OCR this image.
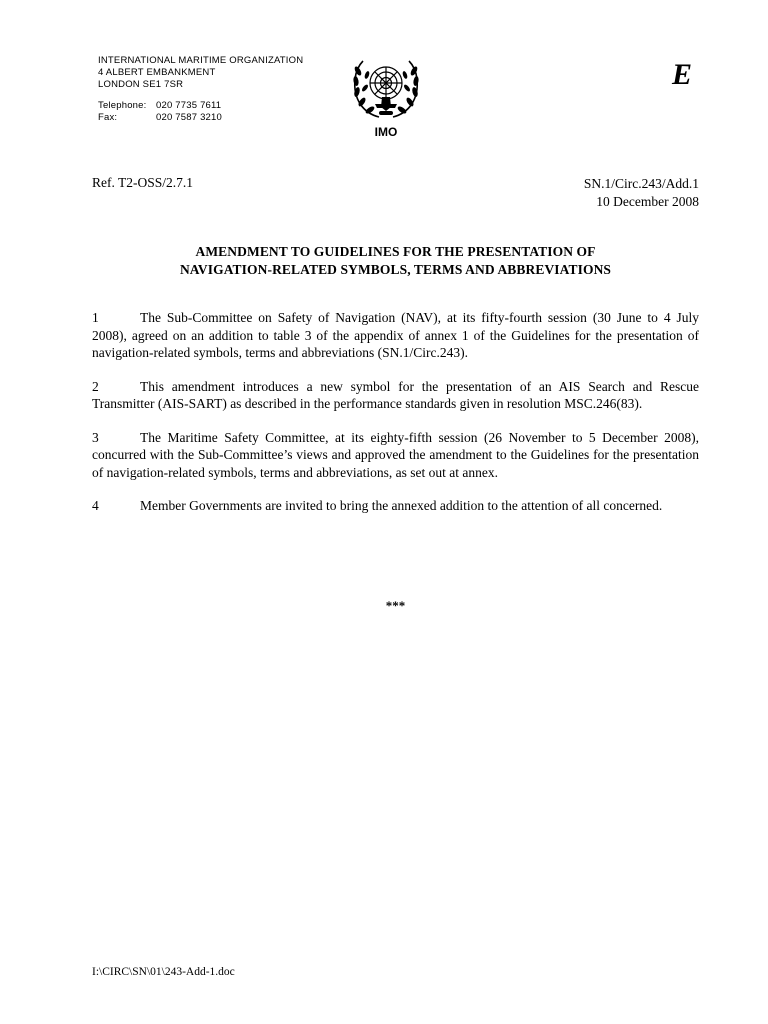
INTERNATIONAL MARITIME ORGANIZATION
4 ALBERT EMBANKMENT
LONDON SE1 7SR
Telephone:	020 7735 7611
Fax:	020 7587 3210
IMO
E
Ref. T2-OSS/2.7.1	SN.1/Circ.243/Add.1
10 December 2008
AMENDMENT TO GUIDELINES FOR THE PRESENTATION OF
NAVIGATION-RELATED SYMBOLS, TERMS AND ABBREVIATIONS

1	The Sub-Committee on Safety of Navigation (NAV), at its fifty-fourth session (30 June to 4 July 2008), agreed on an addition to table 3 of the appendix of annex 1 of the Guidelines for the presentation of navigation-related symbols, terms and abbreviations (SN.1/Circ.243).

2	This amendment introduces a new symbol for the presentation of an AIS Search and Rescue Transmitter (AIS-SART) as described in the performance standards given in resolution MSC.246(83).

3	The Maritime Safety Committee, at its eighty-fifth session (26 November to 5 December 2008), concurred with the Sub-Committee’s views and approved the amendment to the Guidelines for the presentation of navigation-related symbols, terms and abbreviations, as set out at annex.

4	Member Governments are invited to bring the annexed addition to the attention of all concerned.

***
I:\CIRC\SN\01\243-Add-1.doc
